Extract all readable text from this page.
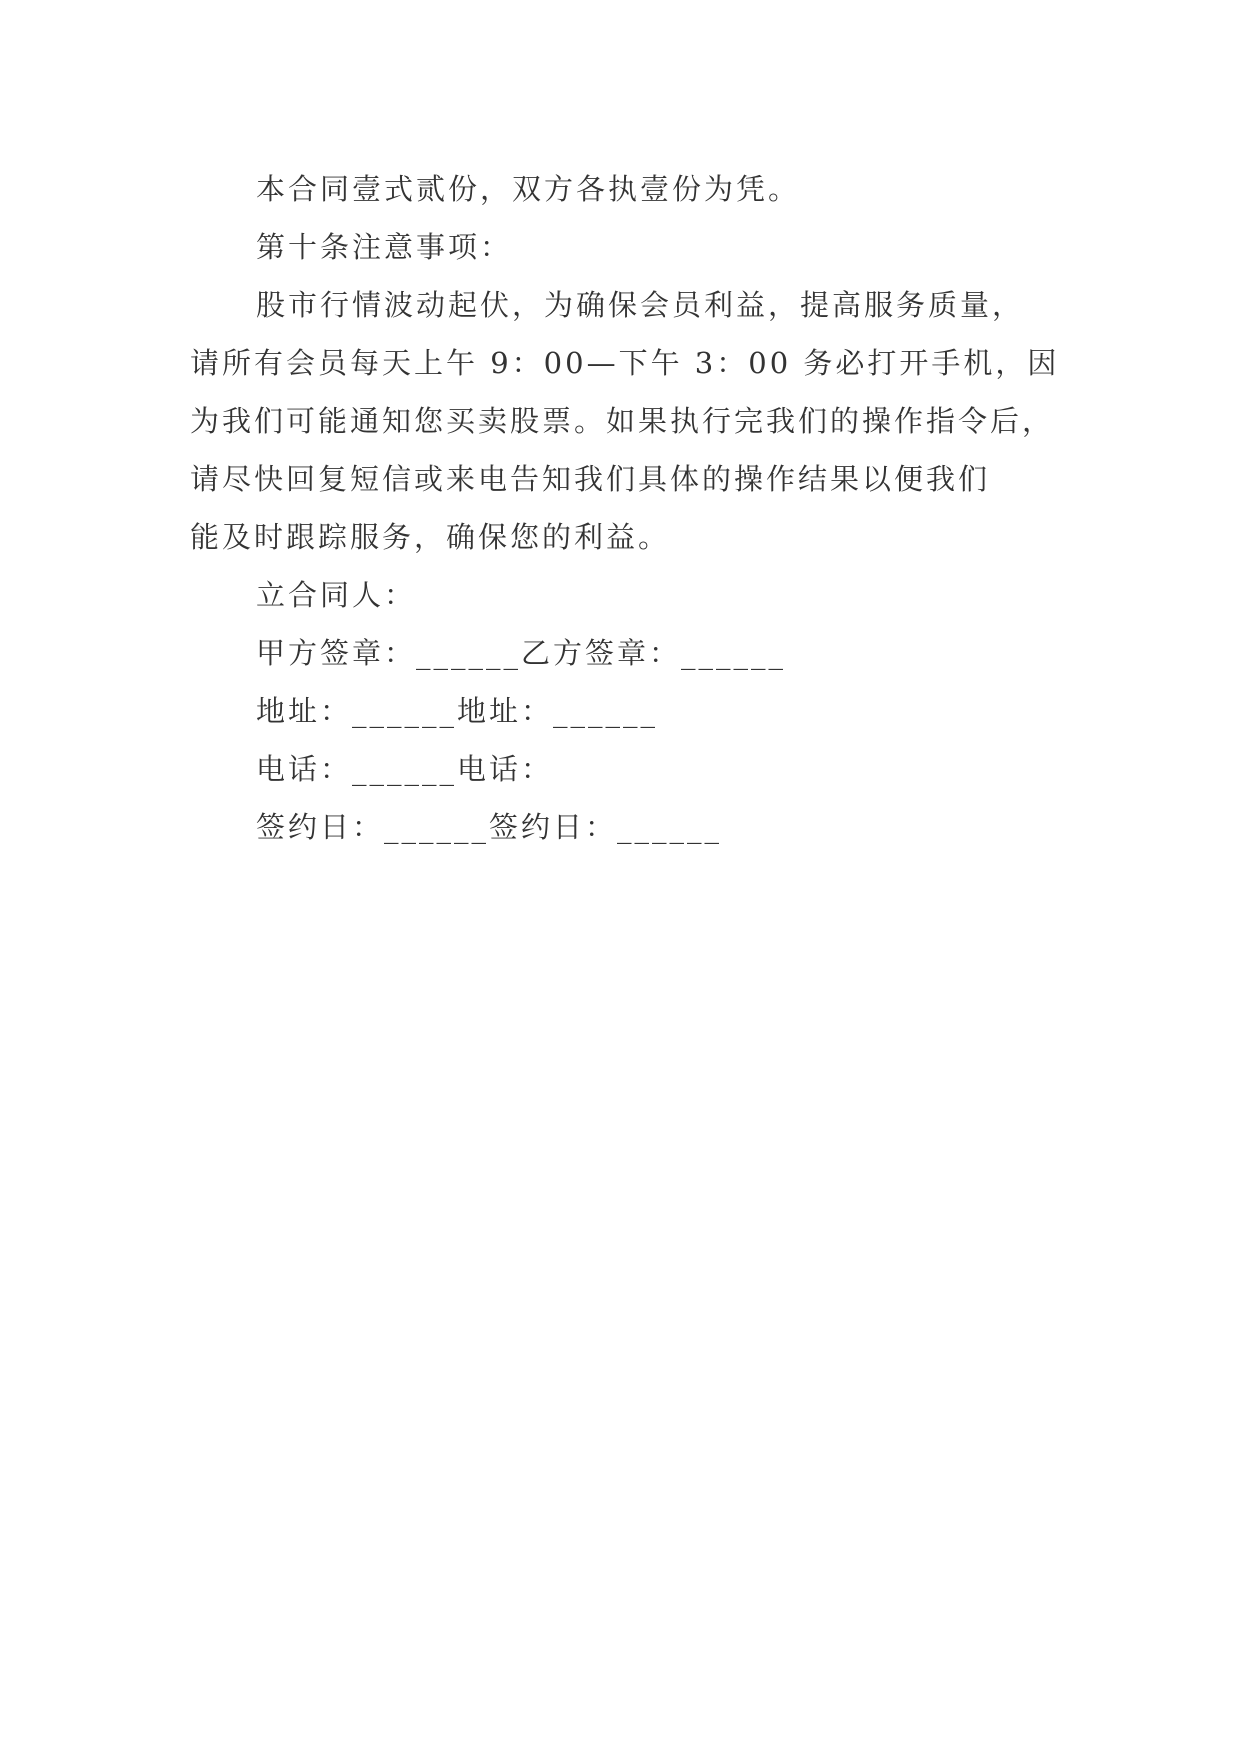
本合同壹式贰份，双方各执壹份为凭。
第十条注意事项：
股市行情波动起伏，为确保会员利益，提高服务质量，
请所有会员每天上午 9：00—下午 3：00 务必打开手机，因
为我们可能通知您买卖股票。如果执行完我们的操作指令后，
请尽快回复短信或来电告知我们具体的操作结果以便我们
能及时跟踪服务，确保您的利益。
立合同人：
甲方签章：______乙方签章：______
地址：______地址：______
电话：______电话：
签约日：______签约日：______
